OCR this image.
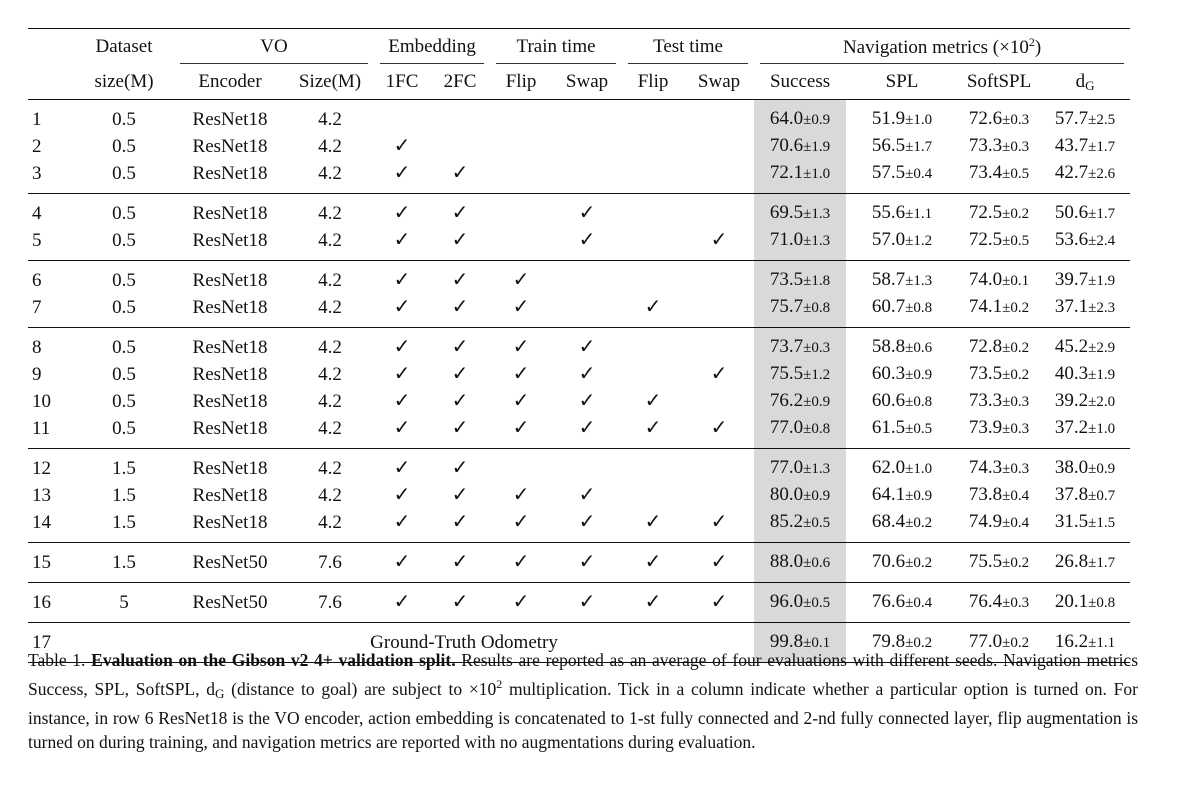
	Dataset	VO		Embedding		Train time		Test time		Navigation metrics $(\times 10^2)$			
	size(M)	Encoder	Size(M)	1FC	2FC	Flip	Swap	Flip	Swap	Success	SPL	SoftSPL	$d_G$
1	0.5	ResNet18	4.2							64.0±0.9	51.9±1.0	72.6±0.3	57.7±2.5
2	0.5	ResNet18	4.2	✓						70.6±1.9	56.5±1.7	73.3±0.3	43.7±1.7
3	0.5	ResNet18	4.2	✓	✓					72.1±1.0	57.5±0.4	73.4±0.5	42.7±2.6
4	0.5	ResNet18	4.2	✓	✓		✓			69.5±1.3	55.6±1.1	72.5±0.2	50.6±1.7
5	0.5	ResNet18	4.2	✓	✓		✓		✓	71.0±1.3	57.0±1.2	72.5±0.5	53.6±2.4
6	0.5	ResNet18	4.2	✓	✓	✓				73.5±1.8	58.7±1.3	74.0±0.1	39.7±1.9
7	0.5	ResNet18	4.2	✓	✓	✓		✓		75.7±0.8	60.7±0.8	74.1±0.2	37.1±2.3
8	0.5	ResNet18	4.2	✓	✓	✓	✓			73.7±0.3	58.8±0.6	72.8±0.2	45.2±2.9
9	0.5	ResNet18	4.2	✓	✓	✓	✓		✓	75.5±1.2	60.3±0.9	73.5±0.2	40.3±1.9
10	0.5	ResNet18	4.2	✓	✓	✓	✓	✓		76.2±0.9	60.6±0.8	73.3±0.3	39.2±2.0
11	0.5	ResNet18	4.2	✓	✓	✓	✓	✓	✓	77.0±0.8	61.5±0.5	73.9±0.3	37.2±1.0
12	1.5	ResNet18	4.2	✓	✓					77.0±1.3	62.0±1.0	74.3±0.3	38.0±0.9
13	1.5	ResNet18	4.2	✓	✓	✓	✓			80.0±0.9	64.1±0.9	73.8±0.4	37.8±0.7
14	1.5	ResNet18	4.2	✓	✓	✓	✓	✓	✓	85.2±0.5	68.4±0.2	74.9±0.4	31.5±1.5
15	1.5	ResNet50	7.6	✓	✓	✓	✓	✓	✓	88.0±0.6	70.6±0.2	75.5±0.2	26.8±1.7
16	5	ResNet50	7.6	✓	✓	✓	✓	✓	✓	96.0±0.5	76.6±0.4	76.4±0.3	20.1±0.8
17		Ground-Truth Odometry								99.8±0.1	79.8±0.2	77.0±0.2	16.2±1.1
Table 1. Evaluation on the Gibson v2 4+ validation split. Results are reported as an average of four evaluations with different seeds. Navigation metrics Success, SPL, SoftSPL, $d_G$ (distance to goal) are subject to $\times 10^2$ multiplication. Tick in a column indicate whether a particular option is turned on. For instance, in row 6 ResNet18 is the VO encoder, action embedding is concatenated to 1-st fully connected and 2-nd fully connected layer, flip augmentation is turned on during training, and navigation metrics are reported with no augmentations during evaluation.
